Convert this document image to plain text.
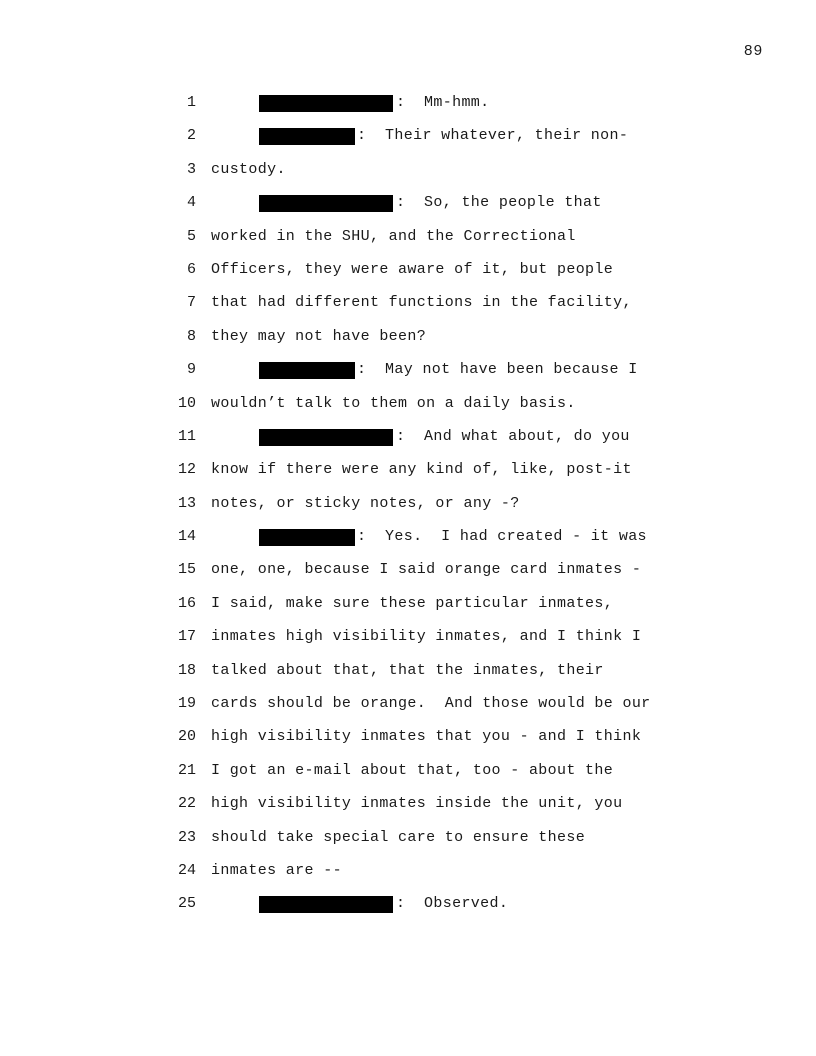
89

1

	:  Mm-hmm.

2

	:  Their whatever, their non-

3

custody.

4

	:  So, the people that

5

worked in the SHU, and the Correctional

6

Officers, they were aware of it, but people

7

that had different functions in the facility,

8

they may not have been?

9

	:  May not have been because I

10

wouldn’t talk to them on a daily basis.

11

	:  And what about, do you

12

know if there were any kind of, like, post-it

13

notes, or sticky notes, or any -?

14

	:  Yes.  I had created - it was

15

one, one, because I said orange card inmates -

16

I said, make sure these particular inmates,

17

inmates high visibility inmates, and I think I

18

talked about that, that the inmates, their

19

cards should be orange.  And those would be our

20

high visibility inmates that you - and I think

21

I got an e-mail about that, too - about the

22

high visibility inmates inside the unit, you

23

should take special care to ensure these

24

inmates are --

25

	:  Observed.
